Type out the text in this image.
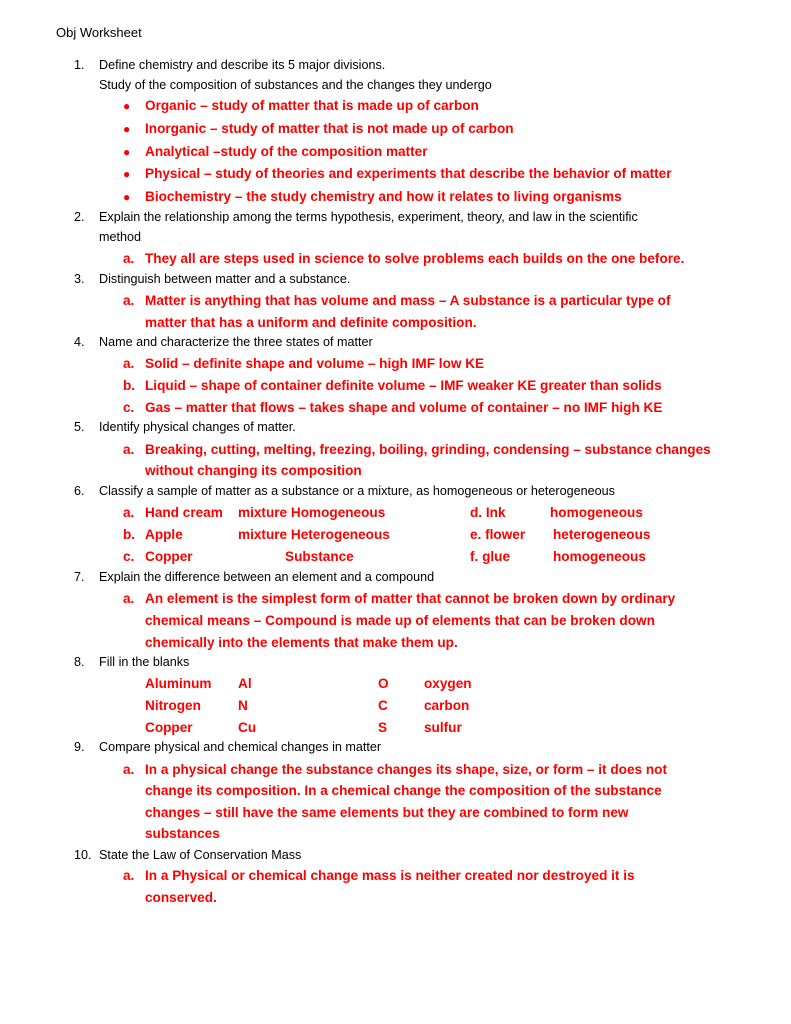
Obj Worksheet
1. Define chemistry and describe its 5 major divisions.
Study of the composition of substances and the changes they undergo
● Organic – study of matter that is made up of carbon
● Inorganic – study of matter that is not made up of carbon
● Analytical –study of the composition matter
● Physical – study of theories and experiments that describe the behavior of matter
● Biochemistry – the study chemistry and how it relates to living organisms
2. Explain the relationship among the terms hypothesis, experiment, theory, and law in the scientific
method
a. They all are steps used in science to solve problems each builds on the one before.
3. Distinguish between matter and a substance.
a. Matter is anything that has volume and mass – A substance is a particular type of
matter that has a uniform and definite composition.
4. Name and characterize the three states of matter
a. Solid – definite shape and volume – high IMF low KE
b. Liquid – shape of container definite volume – IMF weaker KE greater than solids
c. Gas – matter that flows – takes shape and volume of container – no IMF high KE
5. Identify physical changes of matter.
a. Breaking, cutting, melting, freezing, boiling, grinding, condensing – substance changes
without changing its composition
6. Classify a sample of matter as a substance or a mixture, as homogeneous or heterogeneous
a. Hand cream mixture Homogeneous	d. Ink	homogeneous
b. Apple	mixture Heterogeneous	e. flower heterogeneous
c. Copper	Substance	f. glue	homogeneous
7. Explain the difference between an element and a compound
a. An element is the simplest form of matter that cannot be broken down by ordinary
chemical means – Compound is made up of elements that can be broken down
chemically into the elements that make them up.
8. Fill in the blanks
Aluminum Al	O	oxygen
Nitrogen	N	C	carbon
Copper	Cu	S	sulfur
9. Compare physical and chemical changes in matter
a. In a physical change the substance changes its shape, size, or form – it does not
change its composition. In a chemical change the composition of the substance
changes – still have the same elements but they are combined to form new
substances
10. State the Law of Conservation Mass
a. In a Physical or chemical change mass is neither created nor destroyed it is
conserved.
